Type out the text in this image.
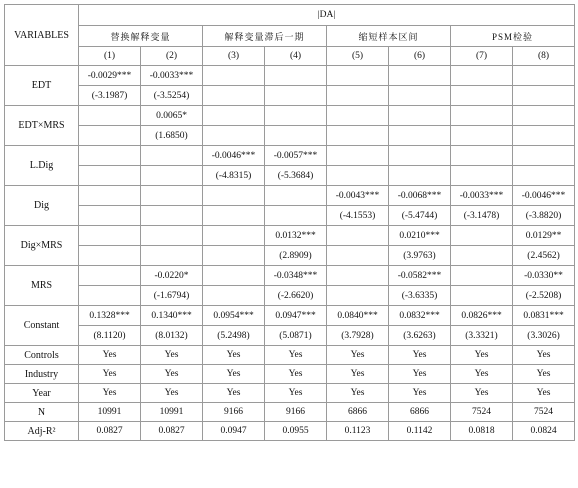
VARIABLES	|DA|							
	替换解释变量		解释变量滞后一期		缩短样本区间		PSM检验	
	(1)	(2)	(3)	(4)	(5)	(6)	(7)	(8)
EDT	-0.0029***	-0.0033***						
	(-3.1987)	(-3.5254)						
EDT×MRS		0.0065*						
		(1.6850)						
L.Dig			-0.0046***	-0.0057***				
			(-4.8315)	(-5.3684)				
Dig					-0.0043***	-0.0068***	-0.0033***	-0.0046***
					(-4.1553)	(-5.4744)	(-3.1478)	(-3.8820)
Dig×MRS				0.0132***		0.0210***		0.0129**
				(2.8909)		(3.9763)		(2.4562)
MRS		-0.0220*		-0.0348***		-0.0582***		-0.0330**
		(-1.6794)		(-2.6620)		(-3.6335)		(-2.5208)
Constant	0.1328***	0.1340***	0.0954***	0.0947***	0.0840***	0.0832***	0.0826***	0.0831***
	(8.1120)	(8.0132)	(5.2498)	(5.0871)	(3.7928)	(3.6263)	(3.3321)	(3.3026)
Controls	Yes	Yes	Yes	Yes	Yes	Yes	Yes	Yes
Industry	Yes	Yes	Yes	Yes	Yes	Yes	Yes	Yes
Year	Yes	Yes	Yes	Yes	Yes	Yes	Yes	Yes
N	10991	10991	9166	9166	6866	6866	7524	7524
Adj-R²	0.0827	0.0827	0.0947	0.0955	0.1123	0.1142	0.0818	0.0824
